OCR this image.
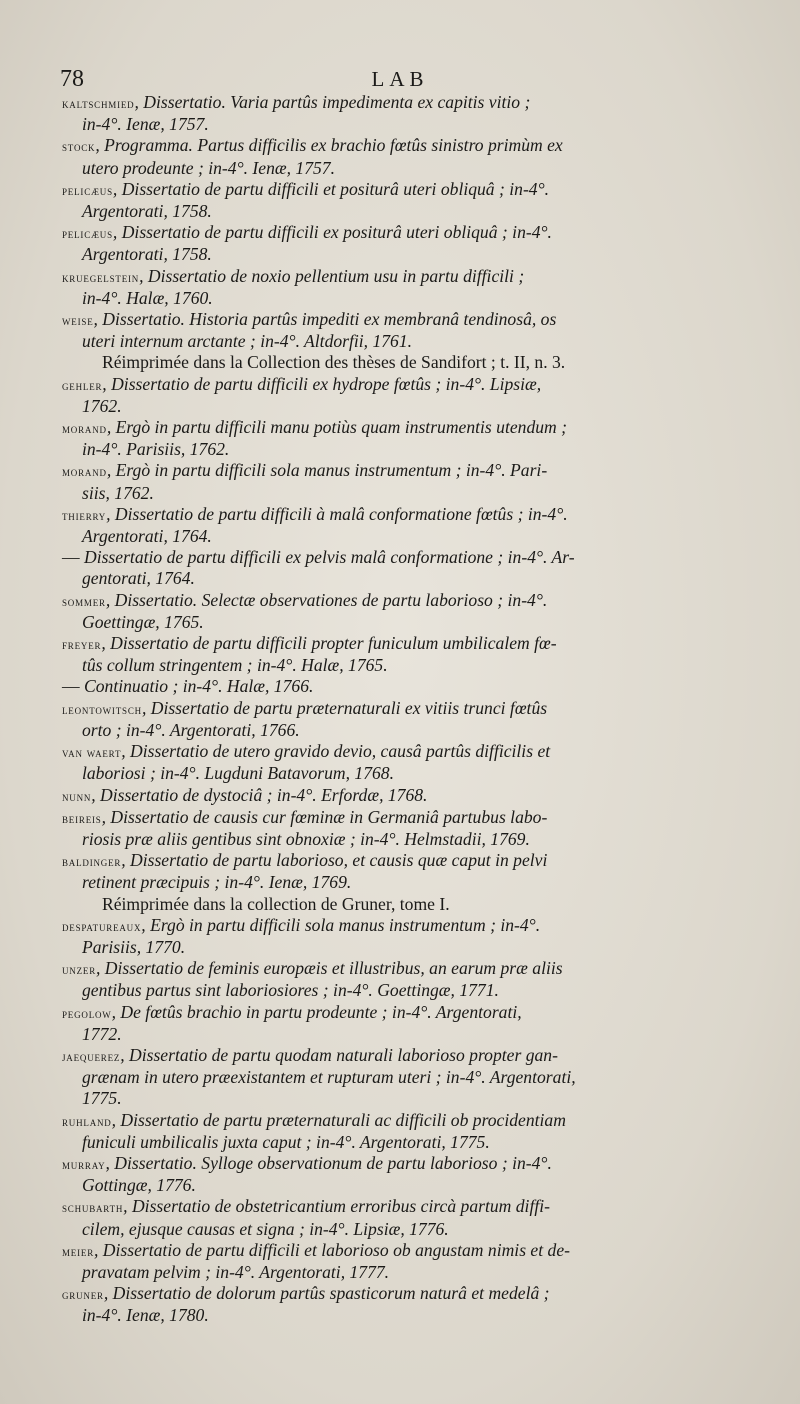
78	LAB
kaltschmied, Dissertatio. Varia partûs impedimenta ex capitis vitio ;
in-4°. Ienæ, 1757.
stock, Programma. Partus difficilis ex brachio fœtûs sinistro primùm ex
utero prodeunte ; in-4°. Ienæ, 1757.
pelicæus, Dissertatio de partu difficili et positurâ uteri obliquâ ; in-4°.
Argentorati, 1758.
pelicæus, Dissertatio de partu difficili ex positurâ uteri obliquâ ; in-4°.
Argentorati, 1758.
kruegelstein, Dissertatio de noxio pellentium usu in partu difficili ;
in-4°. Halæ, 1760.
weise, Dissertatio. Historia partûs impediti ex membranâ tendinosâ, os
uteri internum arctante ; in-4°. Altdorfii, 1761.
Réimprimée dans la Collection des thèses de Sandifort ; t. II, n. 3.
gehler, Dissertatio de partu difficili ex hydrope fœtûs ; in-4°. Lipsiæ,
1762.
morand, Ergò in partu difficili manu potiùs quam instrumentis utendum ;
in-4°. Parisiis, 1762.
morand, Ergò in partu difficili sola manus instrumentum ; in-4°. Pari-
siis, 1762.
thierry, Dissertatio de partu difficili à malâ conformatione fœtûs ; in-4°.
Argentorati, 1764.
— Dissertatio de partu difficili ex pelvis malâ conformatione ; in-4°. Ar-
gentorati, 1764.
sommer, Dissertatio. Selectæ observationes de partu laborioso ; in-4°.
Goettingæ, 1765.
freyer, Dissertatio de partu difficili propter funiculum umbilicalem fœ-
tûs collum stringentem ; in-4°. Halæ, 1765.
— Continuatio ; in-4°. Halæ, 1766.
leontowitsch, Dissertatio de partu præternaturali ex vitiis trunci fœtûs
orto ; in-4°. Argentorati, 1766.
van waert, Dissertatio de utero gravido devio, causâ partûs difficilis et
laboriosi ; in-4°. Lugduni Batavorum, 1768.
nunn, Dissertatio de dystociâ ; in-4°. Erfordæ, 1768.
beireis, Dissertatio de causis cur fœminæ in Germaniâ partubus labo-
riosis præ aliis gentibus sint obnoxiæ ; in-4°. Helmstadii, 1769.
baldinger, Dissertatio de partu laborioso, et causis quæ caput in pelvi
retinent præcipuis ; in-4°. Ienæ, 1769.
Réimprimée dans la collection de Gruner, tome I.
despatureaux, Ergò in partu difficili sola manus instrumentum ; in-4°.
Parisiis, 1770.
unzer, Dissertatio de feminis europæis et illustribus, an earum præ aliis
gentibus partus sint laboriosiores ; in-4°. Goettingæ, 1771.
pegolow, De fœtûs brachio in partu prodeunte ; in-4°. Argentorati,
1772.
jaequerez, Dissertatio de partu quodam naturali laborioso propter gan-
grænam in utero præexistantem et rupturam uteri ; in-4°. Argentorati,
1775.
ruhland, Dissertatio de partu præternaturali ac difficili ob procidentiam
funiculi umbilicalis juxta caput ; in-4°. Argentorati, 1775.
murray, Dissertatio. Sylloge observationum de partu laborioso ; in-4°.
Gottingæ, 1776.
schubarth, Dissertatio de obstetricantium erroribus circà partum diffi-
cilem, ejusque causas et signa ; in-4°. Lipsiæ, 1776.
meier, Dissertatio de partu difficili et laborioso ob angustam nimis et de-
pravatam pelvim ; in-4°. Argentorati, 1777.
gruner, Dissertatio de dolorum partûs spasticorum naturâ et medelâ ;
in-4°. Ienæ, 1780.
